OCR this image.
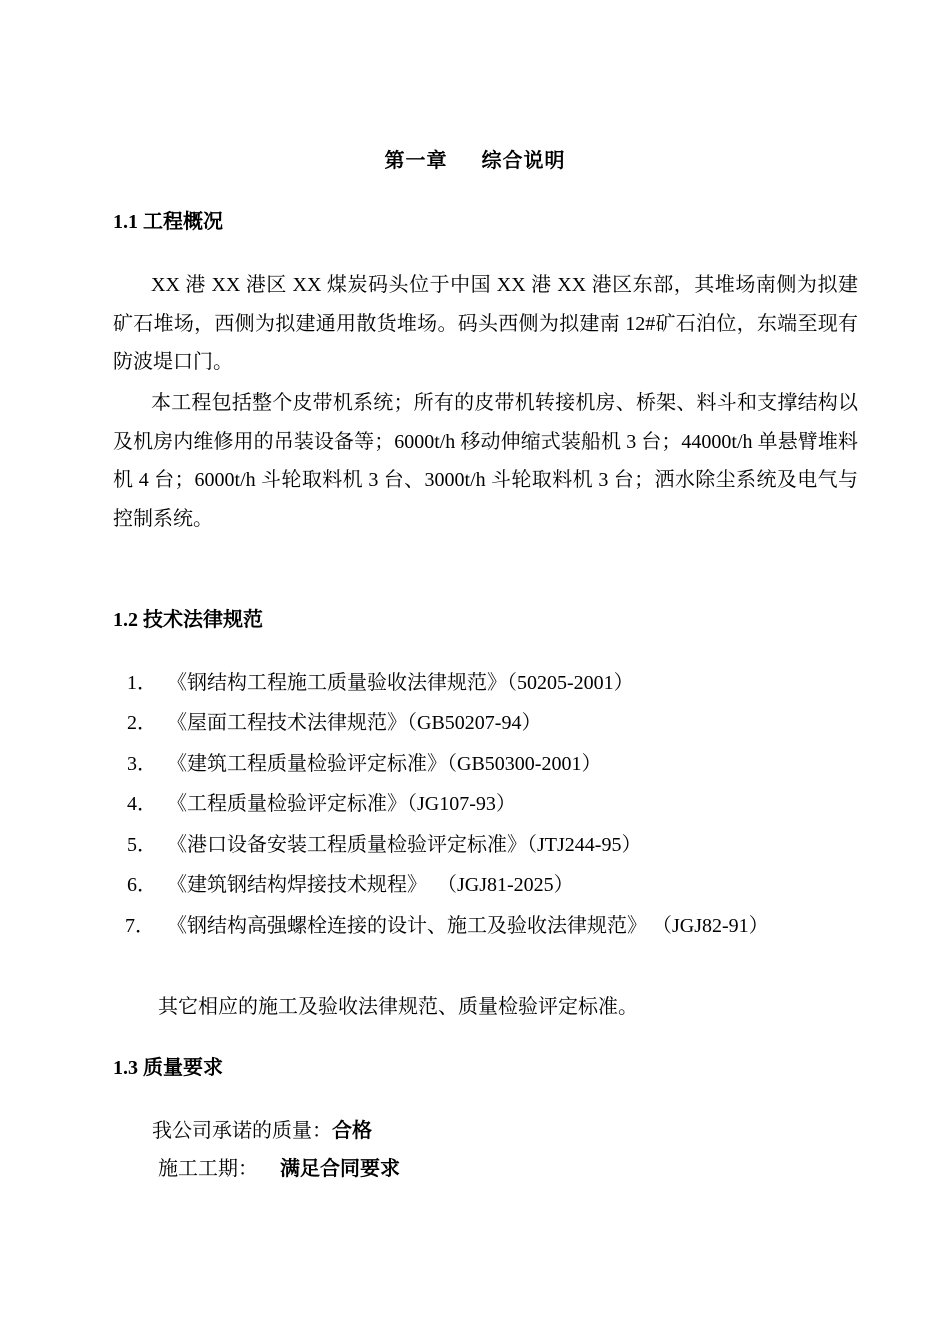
第一章 综合说明
1.1 工程概况

XX 港 XX 港区 XX 煤炭码头位于中国 XX 港 XX 港区东部，其堆场南侧为拟建矿石堆场，西侧为拟建通用散货堆场。码头西侧为拟建南 12#矿石泊位，东端至现有防波堤口门。

本工程包括整个皮带机系统；所有的皮带机转接机房、桥架、料斗和支撑结构以及机房内维修用的吊装设备等；6000t/h 移动伸缩式装船机 3 台；44000t/h 单悬臂堆料机 4 台；6000t/h 斗轮取料机 3 台、3000t/h 斗轮取料机 3 台；洒水除尘系统及电气与控制系统。

1.2 技术法律规范
1． 《钢结构工程施工质量验收法律规范》（50205-2001）
2． 《屋面工程技术法律规范》（GB50207-94）
3． 《建筑工程质量检验评定标准》（GB50300-2001）
4． 《工程质量检验评定标准》（JG107-93）
5． 《港口设备安装工程质量检验评定标准》（JTJ244-95）
6． 《建筑钢结构焊接技术规程》  （JGJ81-2025）
7． 《钢结构高强螺栓连接的设计、施工及验收法律规范》 （JGJ82-91）
其它相应的施工及验收法律规范、质量检验评定标准。
1.3 质量要求
我公司承诺的质量：合格
施工工期： 满足合同要求
